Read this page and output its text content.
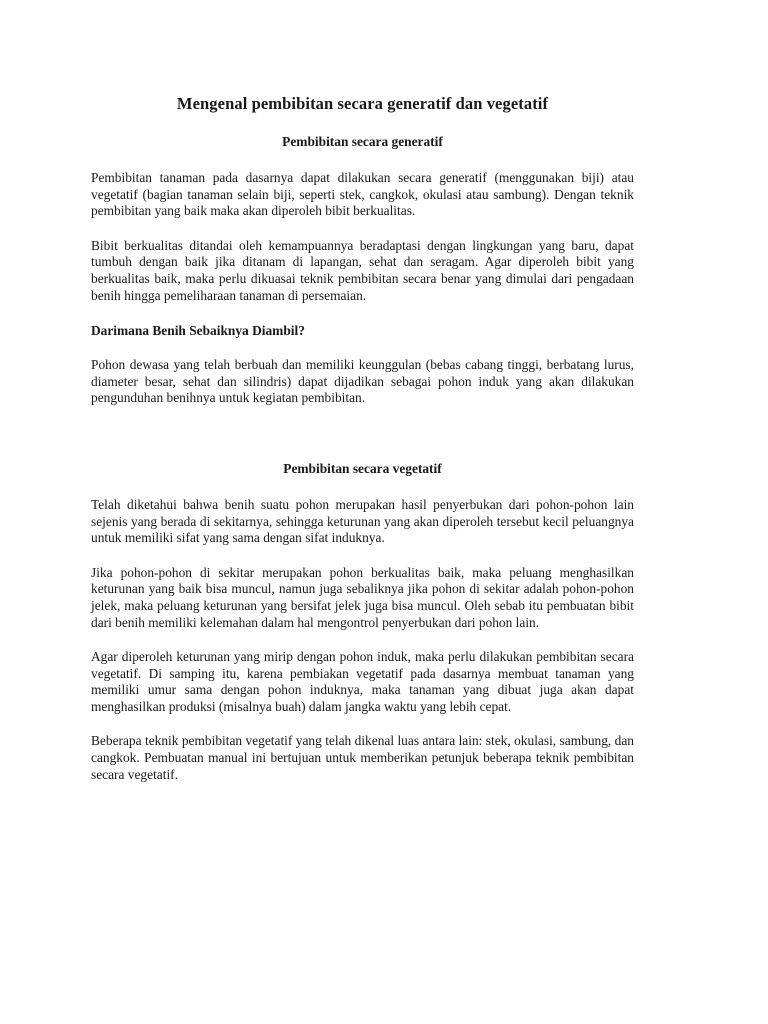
Mengenal pembibitan secara generatif dan vegetatif
Pembibitan secara generatif

Pembibitan tanaman pada dasarnya dapat dilakukan secara generatif (menggunakan biji) atau vegetatif (bagian tanaman selain biji, seperti stek, cangkok, okulasi atau sambung). Dengan teknik pembibitan yang baik maka akan diperoleh bibit berkualitas.

Bibit berkualitas ditandai oleh kemampuannya beradaptasi dengan lingkungan yang baru, dapat tumbuh dengan baik jika ditanam di lapangan, sehat dan seragam. Agar diperoleh bibit yang berkualitas baik, maka perlu dikuasai teknik pembibitan secara benar yang dimulai dari pengadaan benih hingga pemeliharaan tanaman di persemaian.

Darimana Benih Sebaiknya Diambil?

Pohon dewasa yang telah berbuah dan memiliki keunggulan (bebas cabang tinggi, berbatang lurus, diameter besar, sehat dan silindris) dapat dijadikan sebagai pohon induk yang akan dilakukan pengunduhan benihnya untuk kegiatan pembibitan.

Pembibitan secara vegetatif

Telah diketahui bahwa benih suatu pohon merupakan hasil penyerbukan dari pohon-pohon lain sejenis yang berada di sekitarnya, sehingga keturunan yang akan diperoleh tersebut kecil peluangnya untuk memiliki sifat yang sama dengan sifat induknya.

Jika pohon-pohon di sekitar merupakan pohon berkualitas baik, maka peluang menghasilkan keturunan yang baik bisa muncul, namun juga sebaliknya jika pohon di sekitar adalah pohon-pohon jelek, maka peluang keturunan yang bersifat jelek juga bisa muncul. Oleh sebab itu pembuatan bibit dari benih memiliki kelemahan dalam hal mengontrol penyerbukan dari pohon lain.

Agar diperoleh keturunan yang mirip dengan pohon induk, maka perlu dilakukan pembibitan secara vegetatif. Di samping itu, karena pembiakan vegetatif pada dasarnya membuat tanaman yang memiliki umur sama dengan pohon induknya, maka tanaman yang dibuat juga akan dapat menghasilkan produksi (misalnya buah) dalam jangka waktu yang lebih cepat.

Beberapa teknik pembibitan vegetatif yang telah dikenal luas antara lain: stek, okulasi, sambung, dan cangkok. Pembuatan manual ini bertujuan untuk memberikan petunjuk beberapa teknik pembibitan secara vegetatif.
